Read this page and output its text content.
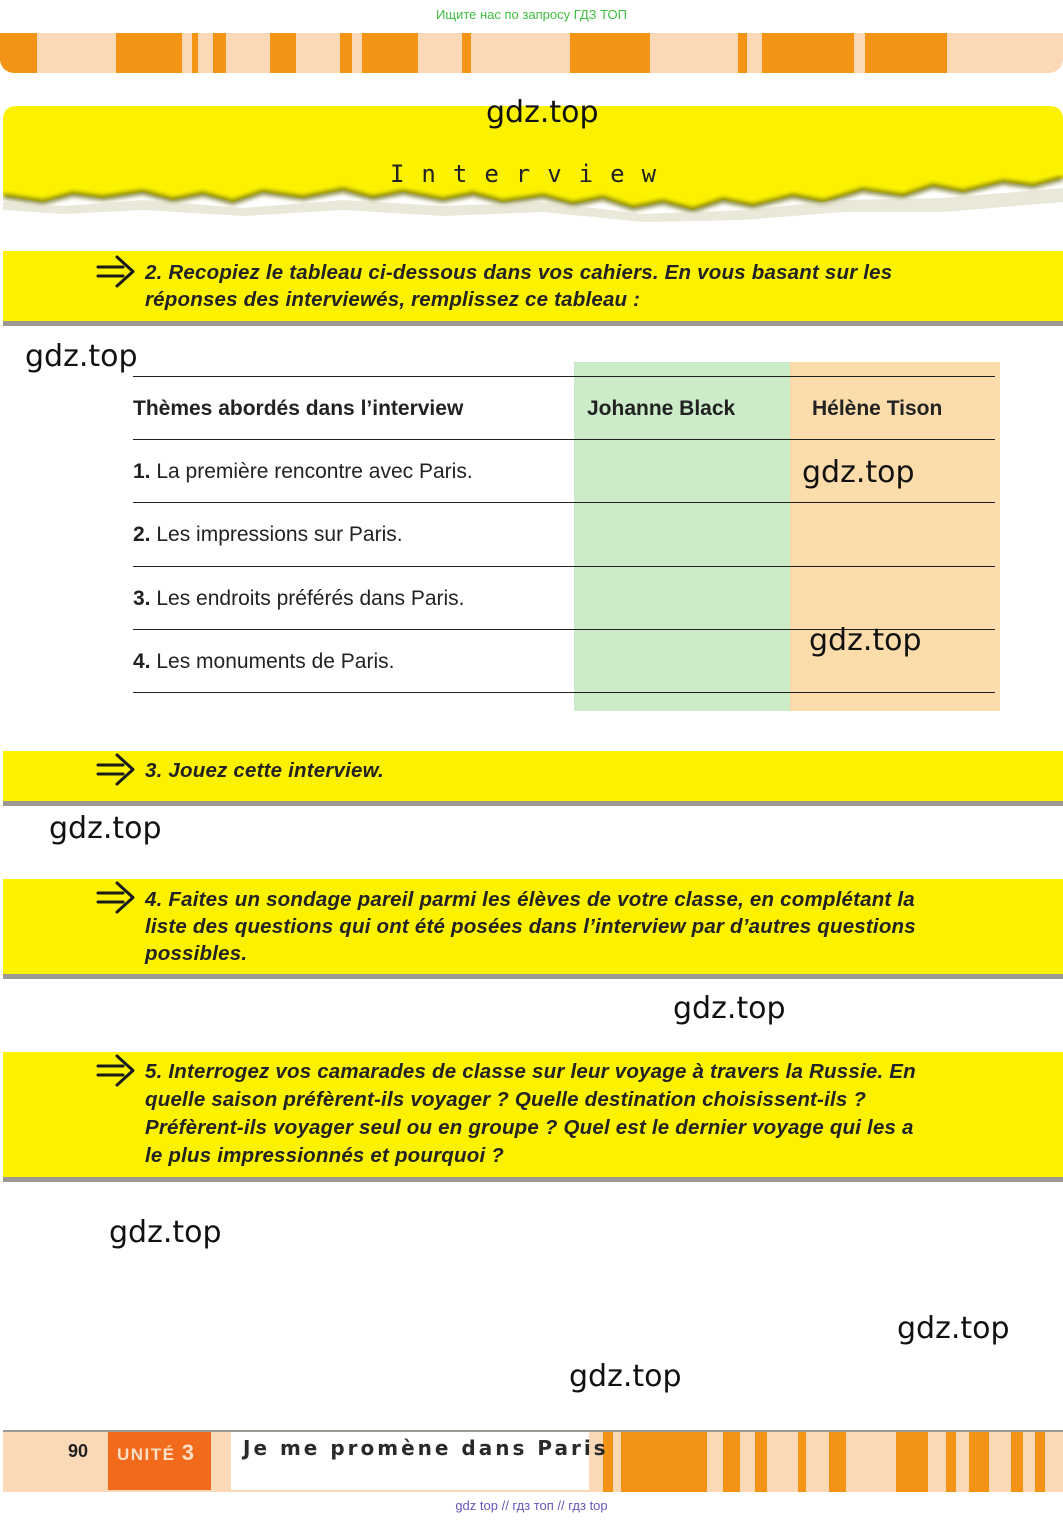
Ищите нас по запросу ГДЗ ТОП
Interview
2. Recopiez le tableau ci-dessous dans vos cahiers. En vous basant sur les réponses des interviewés, remplissez ce tableau :
Thèmes abordés dans l’interview	Johanne Black	Hélène Tison
1. La première rencontre avec Paris.
2. Les impressions sur Paris.
3. Les endroits préférés dans Paris.
4. Les monuments de Paris.
3. Jouez cette interview.
4. Faites un sondage pareil parmi les élèves de votre classe, en complétant la liste des questions qui ont été posées dans l’interview par d’autres questions possibles.
5. Interrogez vos camarades de classe sur leur voyage à travers la Russie. En quelle saison préfèrent-ils voyager ? Quelle destination choisissent-ils ? Préfèrent-ils voyager seul ou en groupe ? Quel est le dernier voyage qui les a le plus impressionnés et pourquoi ?
gdz.top
gdz.top
gdz.top
gdz.top
gdz.top
gdz.top
gdz.top
gdz.top
gdz.top
90 UNITÉ 3 Je me promène dans Paris
gdz top // гдз топ // гдз top
